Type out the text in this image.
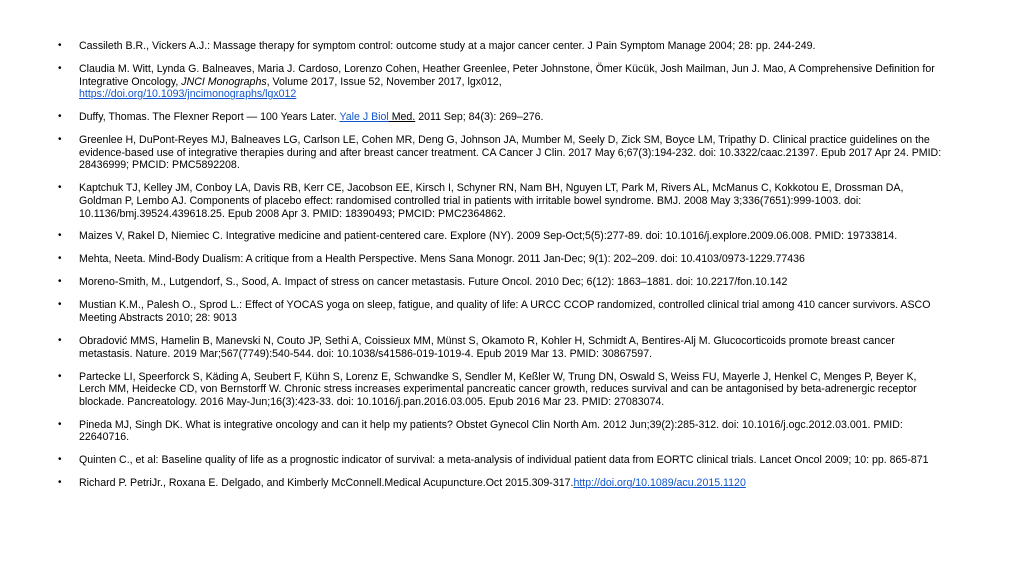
• Cassileth B.R., Vickers A.J.: Massage therapy for symptom control: outcome study at a major cancer center. J Pain Symptom Manage 2004; 28: pp. 244-249.
• Claudia M. Witt, Lynda G. Balneaves, Maria J. Cardoso, Lorenzo Cohen, Heather Greenlee, Peter Johnstone, Ömer Kücük, Josh Mailman, Jun J. Mao, A Comprehensive Definition for Integrative Oncology, JNCI Monographs, Volume 2017, Issue 52, November 2017, lgx012,
https://doi.org/10.1093/jncimonographs/lgx012
• Duffy, Thomas. The Flexner Report — 100 Years Later. Yale J Biol Med. 2011 Sep; 84(3): 269–276.
• Greenlee H, DuPont-Reyes MJ, Balneaves LG, Carlson LE, Cohen MR, Deng G, Johnson JA, Mumber M, Seely D, Zick SM, Boyce LM, Tripathy D. Clinical practice guidelines on the evidence-based use of integrative therapies during and after breast cancer treatment. CA Cancer J Clin. 2017 May 6;67(3):194-232. doi: 10.3322/caac.21397. Epub 2017 Apr 24. PMID: 28436999; PMCID: PMC5892208.
• Kaptchuk TJ, Kelley JM, Conboy LA, Davis RB, Kerr CE, Jacobson EE, Kirsch I, Schyner RN, Nam BH, Nguyen LT, Park M, Rivers AL, McManus C, Kokkotou E, Drossman DA, Goldman P, Lembo AJ. Components of placebo effect: randomised controlled trial in patients with irritable bowel syndrome. BMJ. 2008 May 3;336(7651):999-1003. doi: 10.1136/bmj.39524.439618.25. Epub 2008 Apr 3. PMID: 18390493; PMCID: PMC2364862.
• Maizes V, Rakel D, Niemiec C. Integrative medicine and patient-centered care. Explore (NY). 2009 Sep-Oct;5(5):277-89. doi: 10.1016/j.explore.2009.06.008. PMID: 19733814.
• Mehta, Neeta. Mind-Body Dualism: A critique from a Health Perspective. Mens Sana Monogr. 2011 Jan-Dec; 9(1): 202–209. doi: 10.4103/0973-1229.77436
• Moreno-Smith, M., Lutgendorf, S., Sood, A. Impact of stress on cancer metastasis. Future Oncol. 2010 Dec; 6(12): 1863–1881. doi: 10.2217/fon.10.142
• Mustian K.M., Palesh O., Sprod L.: Effect of YOCAS yoga on sleep, fatigue, and quality of life: A URCC CCOP randomized, controlled clinical trial among 410 cancer survivors. ASCO Meeting Abstracts 2010; 28: 9013
• Obradović MMS, Hamelin B, Manevski N, Couto JP, Sethi A, Coissieux MM, Münst S, Okamoto R, Kohler H, Schmidt A, Bentires-Alj M. Glucocorticoids promote breast cancer metastasis. Nature. 2019 Mar;567(7749):540-544. doi: 10.1038/s41586-019-1019-4. Epub 2019 Mar 13. PMID: 30867597.
• Partecke LI, Speerforck S, Käding A, Seubert F, Kühn S, Lorenz E, Schwandke S, Sendler M, Keßler W, Trung DN, Oswald S, Weiss FU, Mayerle J, Henkel C, Menges P, Beyer K, Lerch MM, Heidecke CD, von Bernstorff W. Chronic stress increases experimental pancreatic cancer growth, reduces survival and can be antagonised by beta-adrenergic receptor blockade. Pancreatology. 2016 May-Jun;16(3):423-33. doi: 10.1016/j.pan.2016.03.005. Epub 2016 Mar 23. PMID: 27083074.
• Pineda MJ, Singh DK. What is integrative oncology and can it help my patients? Obstet Gynecol Clin North Am. 2012 Jun;39(2):285-312. doi: 10.1016/j.ogc.2012.03.001. PMID: 22640716.
• Quinten C., et al: Baseline quality of life as a prognostic indicator of survival: a meta-analysis of individual patient data from EORTC clinical trials. Lancet Oncol 2009; 10: pp. 865-871
• Richard P. PetriJr., Roxana E. Delgado, and Kimberly McConnell.Medical Acupuncture.Oct 2015.309-317.http://doi.org/10.1089/acu.2015.1120
